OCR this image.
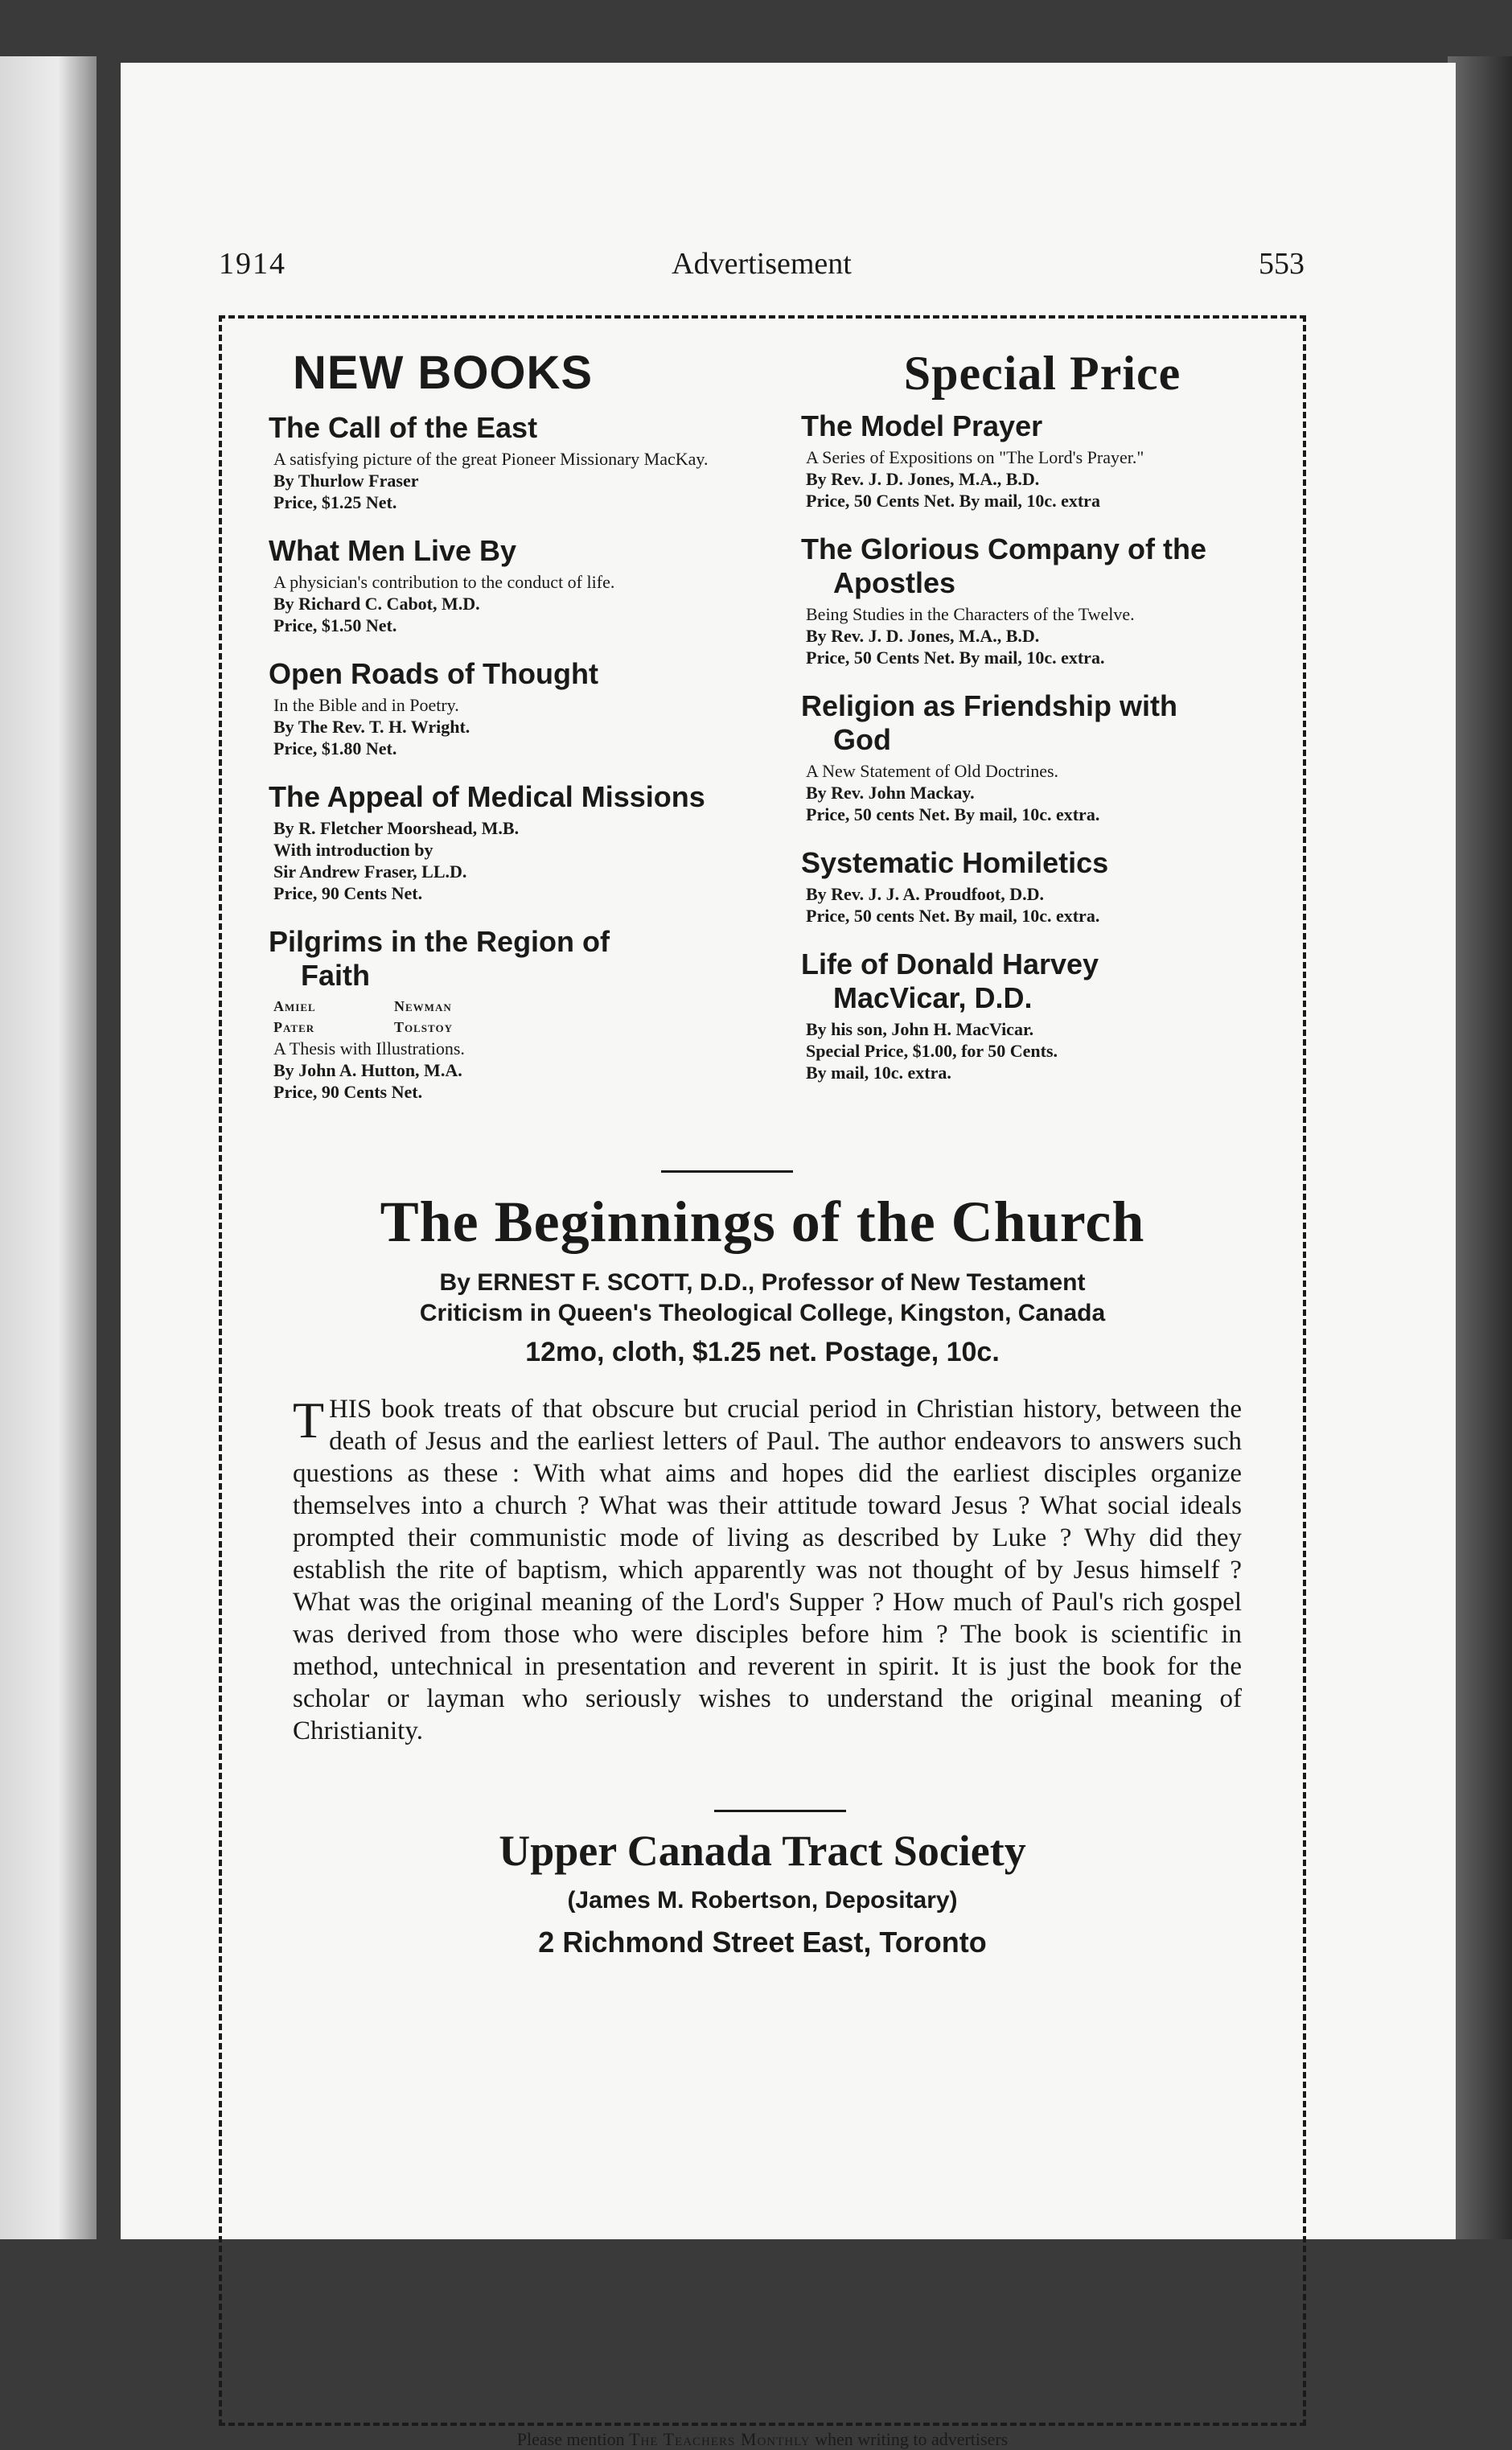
1914	Advertisement	553
NEW BOOKS
The Call of the East
A satisfying picture of the great Pioneer Missionary MacKay.
By Thurlow Fraser
Price, $1.25 Net.
What Men Live By
A physician's contribution to the conduct of life.
By Richard C. Cabot, M.D.
Price, $1.50 Net.
Open Roads of Thought
In the Bible and in Poetry.
By The Rev. T. H. Wright.
Price, $1.80 Net.
The Appeal of Medical Missions
By R. Fletcher Moorshead, M.B.
With introduction by
Sir Andrew Fraser, LL.D.
Price, 90 Cents Net.
Pilgrims in the Region of
Faith
Amiel	Newman
Pater	Tolstoy
A Thesis with Illustrations.
By John A. Hutton, M.A.
Price, 90 Cents Net.
Special Price
The Model Prayer
A Series of Expositions on "The Lord's Prayer."
By Rev. J. D. Jones, M.A., B.D.
Price, 50 Cents Net. By mail, 10c. extra
The Glorious Company of the
Apostles
Being Studies in the Characters of the Twelve.
By Rev. J. D. Jones, M.A., B.D.
Price, 50 Cents Net. By mail, 10c. extra.
Religion as Friendship with
God
A New Statement of Old Doctrines.
By Rev. John Mackay.
Price, 50 cents Net. By mail, 10c. extra.
Systematic Homiletics
By Rev. J. J. A. Proudfoot, D.D.
Price, 50 cents Net. By mail, 10c. extra.
Life of Donald Harvey
MacVicar, D.D.
By his son, John H. MacVicar.
Special Price, $1.00, for 50 Cents.
By mail, 10c. extra.
The Beginnings of the Church
By ERNEST F. SCOTT, D.D., Professor of New Testament
Criticism in Queen's Theological College, Kingston, Canada
12mo, cloth, $1.25 net. Postage, 10c.
THIS book treats of that obscure but crucial period in Christian history, between the death of Jesus and the earliest letters of Paul. The author endeavors to answers such questions as these : With what aims and hopes did the earliest disciples organize themselves into a church ? What was their attitude toward Jesus ? What social ideals prompted their communistic mode of living as described by Luke ? Why did they establish the rite of baptism, which apparently was not thought of by Jesus himself ? What was the original meaning of the Lord's Supper ? How much of Paul's rich gospel was derived from those who were disciples before him ? The book is scientific in method, untechnical in presentation and reverent in spirit. It is just the book for the scholar or layman who seriously wishes to understand the original meaning of Christianity.
Upper Canada Tract Society
(James M. Robertson, Depositary)
2 Richmond Street East, Toronto
Please mention The Teachers Monthly when writing to advertisers
